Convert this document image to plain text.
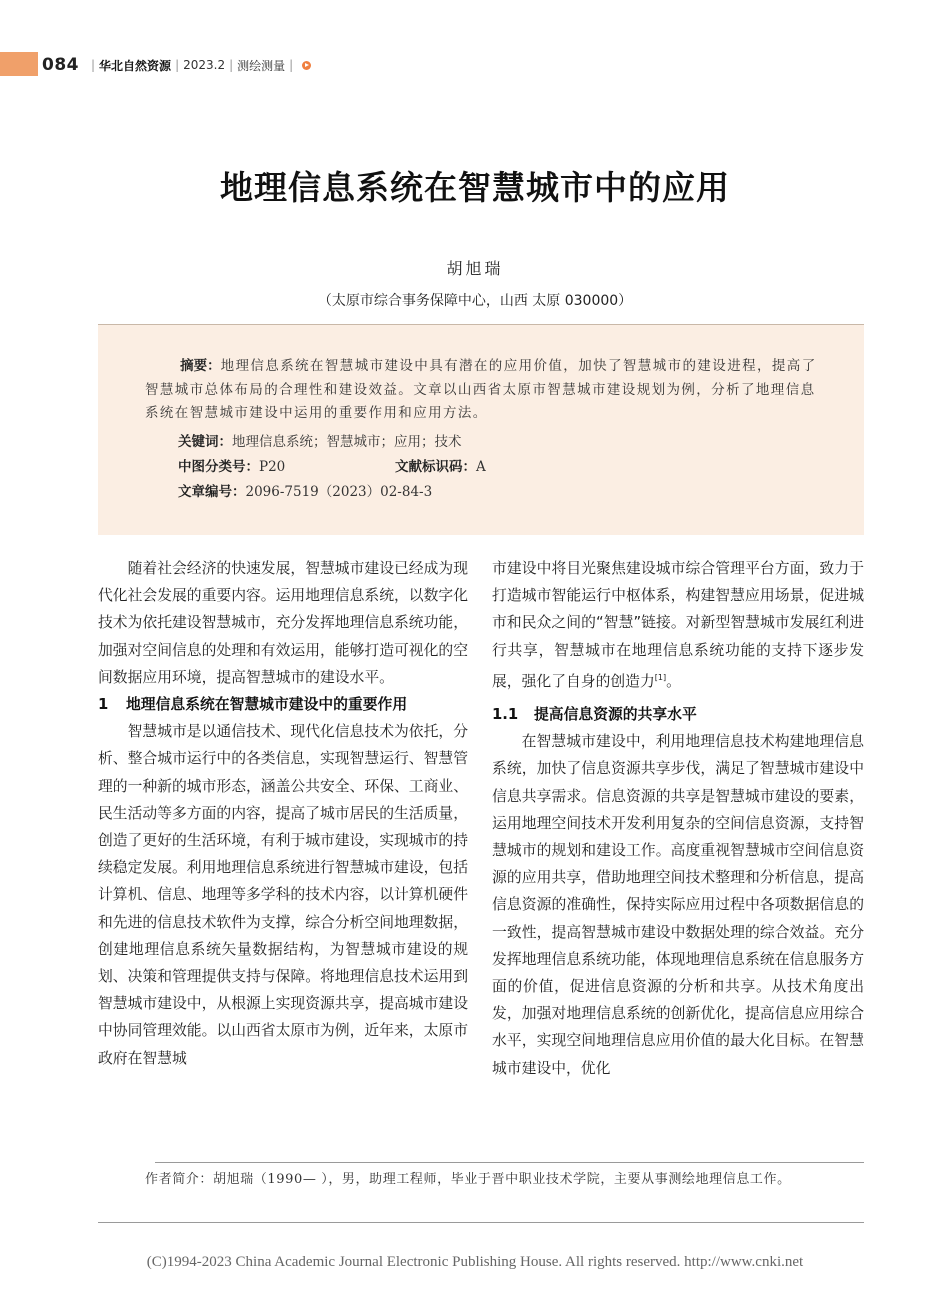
084 | 华北自然资源 | 2023.2 | 测绘测量 |
地理信息系统在智慧城市中的应用
胡旭瑞
（太原市综合事务保障中心，山西 太原 030000）
摘要：地理信息系统在智慧城市建设中具有潜在的应用价值，加快了智慧城市的建设进程，提高了智慧城市总体布局的合理性和建设效益。文章以山西省太原市智慧城市建设规划为例，分析了地理信息系统在智慧城市建设中运用的重要作用和应用方法。
关键词：地理信息系统；智慧城市；应用；技术
中图分类号：P20	文献标识码：A
文章编号：2096-7519（2023）02-84-3

随着社会经济的快速发展，智慧城市建设已经成为现代化社会发展的重要内容。运用地理信息系统，以数字化技术为依托建设智慧城市，充分发挥地理信息系统功能，加强对空间信息的处理和有效运用，能够打造可视化的空间数据应用环境，提高智慧城市的建设水平。

1 地理信息系统在智慧城市建设中的重要作用

智慧城市是以通信技术、现代化信息技术为依托，分析、整合城市运行中的各类信息，实现智慧运行、智慧管理的一种新的城市形态，涵盖公共安全、环保、工商业、民生活动等多方面的内容，提高了城市居民的生活质量，创造了更好的生活环境，有利于城市建设，实现城市的持续稳定发展。利用地理信息系统进行智慧城市建设，包括计算机、信息、地理等多学科的技术内容，以计算机硬件和先进的信息技术软件为支撑，综合分析空间地理数据，创建地理信息系统矢量数据结构，为智慧城市建设的规划、决策和管理提供支持与保障。将地理信息技术运用到智慧城市建设中，从根源上实现资源共享，提高城市建设中协同管理效能。以山西省太原市为例，近年来，太原市政府在智慧城

市建设中将目光聚焦建设城市综合管理平台方面，致力于打造城市智能运行中枢体系，构建智慧应用场景，促进城市和民众之间的“智慧”链接。对新型智慧城市发展红利进行共享，智慧城市在地理信息系统功能的支持下逐步发展，强化了自身的创造力[1]。

1.1 提高信息资源的共享水平

在智慧城市建设中，利用地理信息技术构建地理信息系统，加快了信息资源共享步伐，满足了智慧城市建设中信息共享需求。信息资源的共享是智慧城市建设的要素，运用地理空间技术开发利用复杂的空间信息资源，支持智慧城市的规划和建设工作。高度重视智慧城市空间信息资源的应用共享，借助地理空间技术整理和分析信息，提高信息资源的准确性，保持实际应用过程中各项数据信息的一致性，提高智慧城市建设中数据处理的综合效益。充分发挥地理信息系统功能，体现地理信息系统在信息服务方面的价值，促进信息资源的分析和共享。从技术角度出发，加强对地理信息系统的创新优化，提高信息应用综合水平，实现空间地理信息应用价值的最大化目标。在智慧城市建设中，优化

作者简介：胡旭瑞（1990— ），男，助理工程师，毕业于晋中职业技术学院，主要从事测绘地理信息工作。
(C)1994-2023 China Academic Journal Electronic Publishing House. All rights reserved. http://www.cnki.net
